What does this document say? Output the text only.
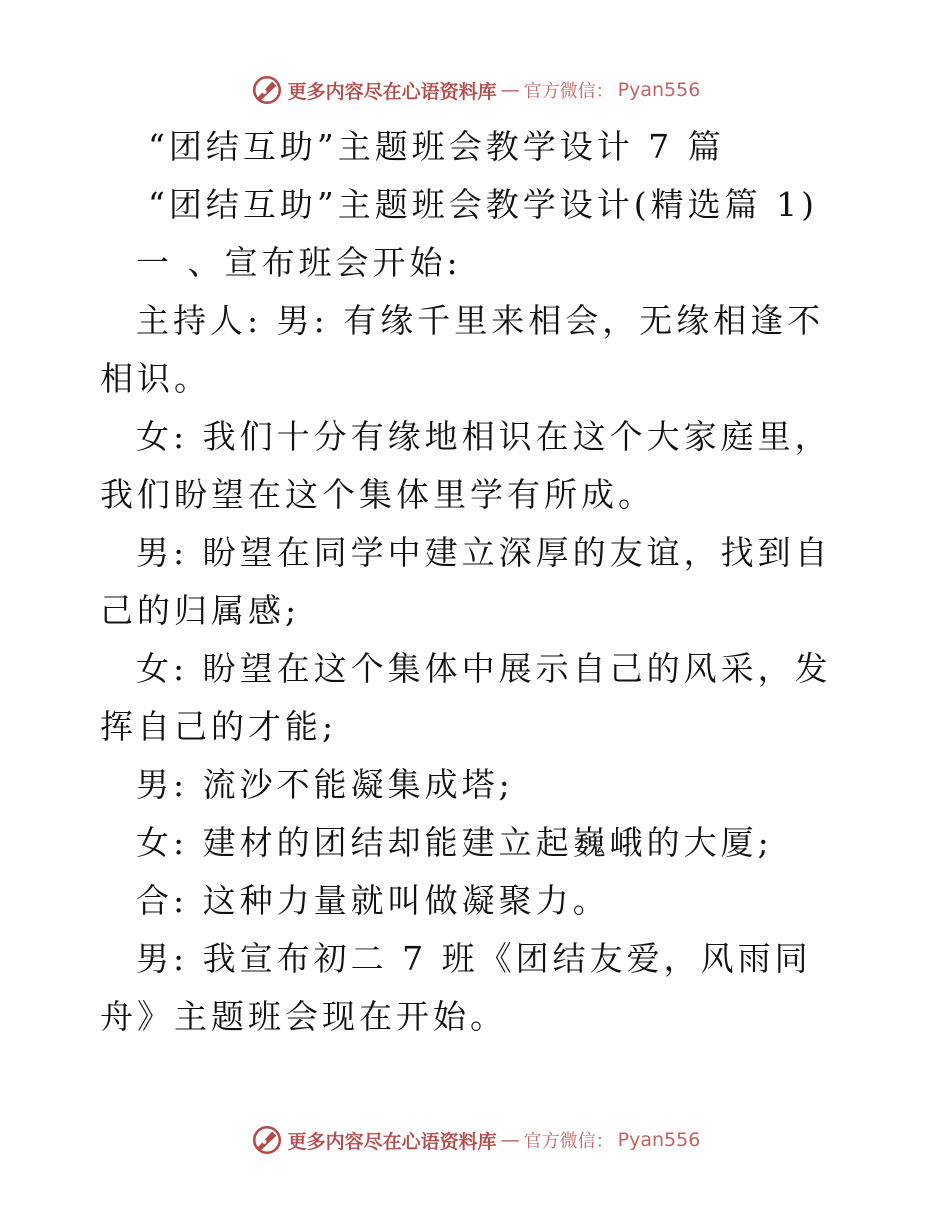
更多内容尽在心语资料库 — 官方微信： Pyan556
“团结互助”主题班会教学设计 7 篇
“团结互助”主题班会教学设计(精选篇 1)
一 、宣布班会开始:
主持人: 男: 有缘千里来相会，无缘相逢不相识。
女: 我们十分有缘地相识在这个大家庭里，我们盼望在这个集体里学有所成。
男: 盼望在同学中建立深厚的友谊，找到自己的归属感;
女: 盼望在这个集体中展示自己的风采，发挥自己的才能;
男: 流沙不能凝集成塔;
女: 建材的团结却能建立起巍峨的大厦;
合: 这种力量就叫做凝聚力。
男: 我宣布初二 7 班《团结友爱，风雨同舟》主题班会现在开始。
更多内容尽在心语资料库 — 官方微信： Pyan556
